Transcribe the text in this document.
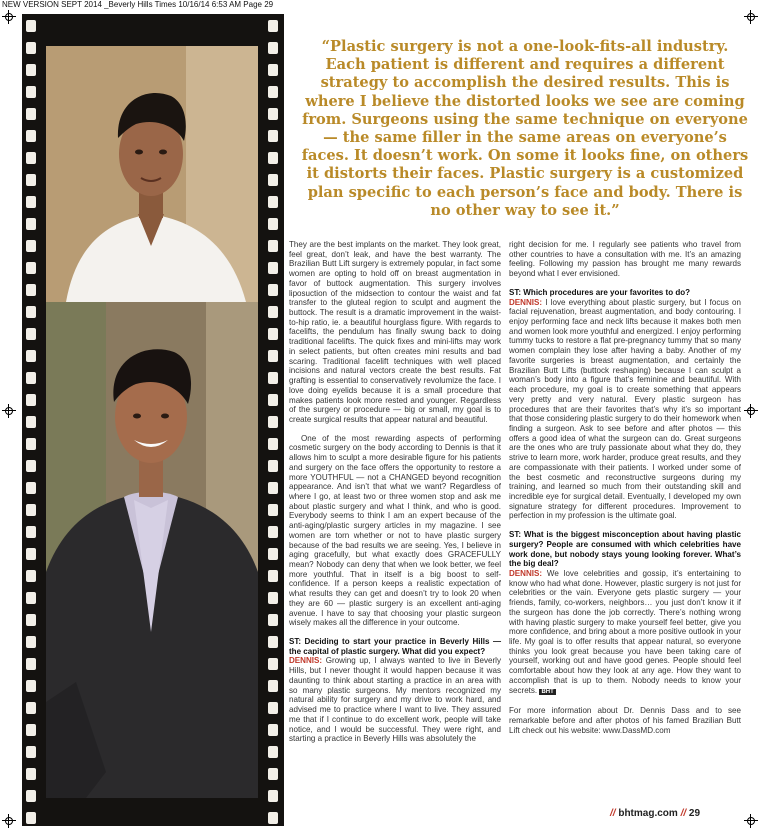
NEW VERSION SEPT 2014 _Beverly Hills Times 10/16/14 6:53 AM Page 29

“Plastic surgery is not a one-look-fits-all industry. Each patient is different and requires a different strategy to accomplish the desired results. This is where I believe the distorted looks we see are coming from. Surgeons using the same technique on everyone — the same filler in the same areas on everyone’s faces. It doesn’t work. On some it looks fine, on others it distorts their faces. Plastic surgery is a customized plan specific to each person’s face and body. There is no other way to see it.”

They are the best implants on the market. They look great, feel great, don’t leak, and have the best warranty. The Brazilian Butt Lift surgery is extremely popular, in fact some women are opting to hold off on breast augmentation in favor of buttock augmentation. This surgery involves liposuction of the midsection to contour the waist and fat transfer to the gluteal region to sculpt and augment the buttock. The result is a dramatic improvement in the waist-to-hip ratio, ie. a beautiful hourglass figure. With regards to facelifts, the pendulum has finally swung back to doing traditional facelifts. The quick fixes and mini-lifts may work in select patients, but often creates mini results and bad scaring. Traditional facelift techniques with well placed incisions and natural vectors create the best results. Fat grafting is essential to conservatively revolumize the face. I love doing eyelids because it is a small procedure that makes patients look more rested and younger. Regardless of the surgery or procedure — big or small, my goal is to create surgical results that appear natural and beautiful.

One of the most rewarding aspects of performing cosmetic surgery on the body according to Dennis is that it allows him to sculpt a more desirable figure for his patients and surgery on the face offers the opportunity to restore a more YOUTHFUL — not a CHANGED beyond recognition appearance. And isn’t that what we want? Regardless of where I go, at least two or three women stop and ask me about plastic surgery and what I think, and who is good. Everybody seems to think I am an expert because of the anti-aging/plastic surgery articles in my magazine. I see women are torn whether or not to have plastic surgery because of the bad results we are seeing. Yes, I believe in aging gracefully, but what exactly does GRACEFULLY mean? Nobody can deny that when we look better, we feel more youthful. That in itself is a big boost to self-confidence. If a person keeps a realistic expectation of what results they can get and doesn’t try to look 20 when they are 60 — plastic surgery is an excellent anti-aging avenue. I have to say that choosing your plastic surgeon wisely makes all the difference in your outcome.

ST: Deciding to start your practice in Beverly Hills — the capital of plastic surgery. What did you expect?

DENNIS: Growing up, I always wanted to live in Beverly Hills, but I never thought it would happen because it was daunting to think about starting a practice in an area with so many plastic surgeons. My mentors recognized my natural ability for surgery and my drive to work hard, and advised me to practice where I want to live. They assured me that if I continue to do excellent work, people will take notice, and I would be successful. They were right, and starting a practice in Beverly Hills was absolutely the

right decision for me. I regularly see patients who travel from other countries to have a consultation with me. It’s an amazing feeling. Following my passion has brought me many rewards beyond what I ever envisioned.

ST: Which procedures are your favorites to do?

DENNIS: I love everything about plastic surgery, but I focus on facial rejuvenation, breast augmentation, and body contouring. I enjoy performing face and neck lifts because it makes both men and women look more youthful and energized. I enjoy performing tummy tucks to restore a flat pre-pregnancy tummy that so many women complain they lose after having a baby. Another of my favorite surgeries is breast augmentation, and certainly the Brazilian Butt Lifts (buttock reshaping) because I can sculpt a woman’s body into a figure that’s feminine and beautiful. With each procedure, my goal is to create something that appears very pretty and very natural. Every plastic surgeon has procedures that are their favorites that’s why it’s so important that those considering plastic surgery to do their homework when finding a surgeon. Ask to see before and after photos — this offers a good idea of what the surgeon can do. Great surgeons are the ones who are truly passionate about what they do, they strive to learn more, work harder, produce great results, and they are compassionate with their patients. I worked under some of the best cosmetic and reconstructive surgeons during my training, and learned so much from their outstanding skill and incredible eye for surgical detail. Eventually, I developed my own signature strategy for different procedures. Improvement to perfection in my profession is the ultimate goal.

ST: What is the biggest misconception about having plastic surgery? People are consumed with which celebrities have work done, but nobody stays young looking forever. What’s the big deal?

DENNIS: We love celebrities and gossip, it’s entertaining to know who had what done. However, plastic surgery is not just for celebrities or the vain. Everyone gets plastic surgery — your friends, family, co-workers, neighbors… you just don’t know it if the surgeon has done the job correctly. There’s nothing wrong with having plastic surgery to make yourself feel better, give you more confidence, and bring about a more positive outlook in your life. My goal is to offer results that appear natural, so everyone thinks you look great because you have been taking care of yourself, working out and have good genes. People should feel comfortable about how they look at any age. How they want to accomplish that is up to them. Nobody needs to know your secrets. BHT

For more information about Dr. Dennis Dass and to see remarkable before and after photos of his famed Brazilian Butt Lift check out his website: www.DassMD.com

// bhtmag.com // 29
